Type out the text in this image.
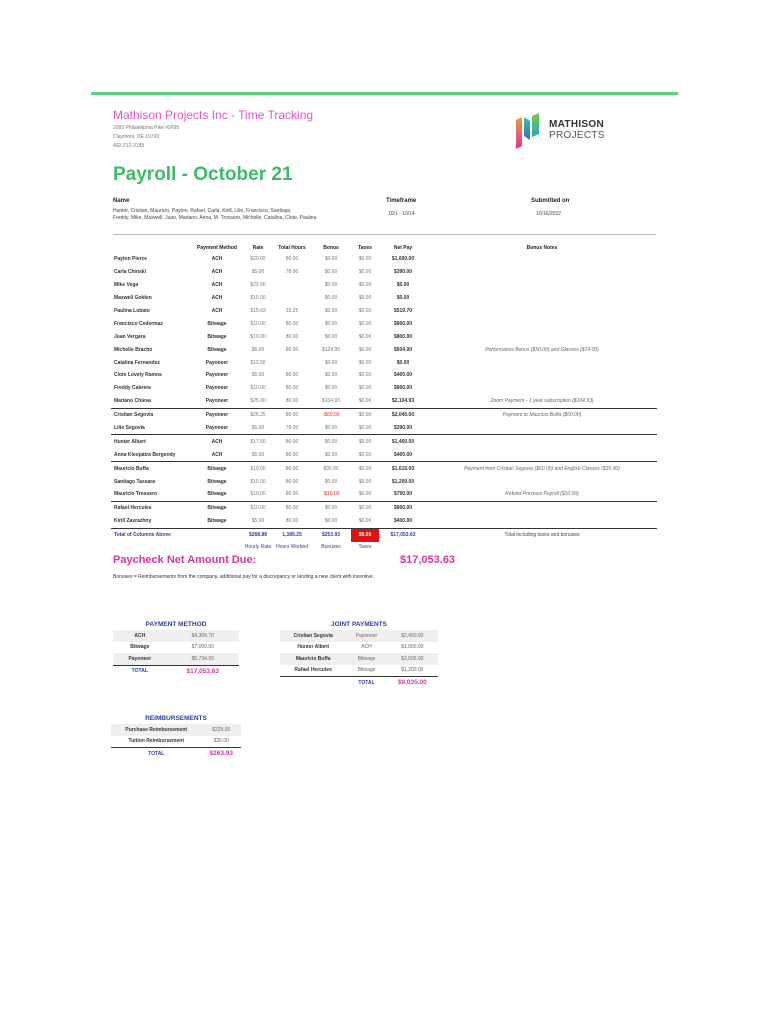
Mathison Projects Inc - Time Tracking
2093 Philadelphia Pike #9695
Claymont, DE 19703
402-212-3189
MATHISON
PROJECTS
Payroll - October 21
Name
Hunter, Cristian, Mauricio, Payton, Rafael, Carla, Kirill, Lilio, Francisco, Santiago,
Freddy, Mike, Maxwell, Juan, Mariano, Anna, M. Trossero, Michelle, Catalina, Clote, Paulina
Timeframe
10/1 - 10/14
Submitted on
10/16/2022
	Payment Method	Rate	Total Hours	Bonus	Taxes	Net Pay	Bonus Notes
Payton Pierce	ACH	$20.00	80.00	$0.00	$0.00	$1,600.00	
Carla Chinski	ACH	$5.00	78.00	$0.00	$0.00	$390.00	
Mike Vega	ACH	$22.00		$0.00	$0.00	$0.00	
Maxwell Golden	ACH	$15.00		$0.00	$0.00	$0.00	
Paulina Lobato	ACH	$15.63	33.25	$0.00	$0.00	$519.70	
Francisco Cedermaz	Bitwage	$10.00	80.00	$0.00	$0.00	$800.00	
Juan Vergara	Bitwage	$10.00	80.00	$0.00	$0.00	$800.00	
Michelle Bracho	Bitwage	$6.00	80.00	$124.00	$0.00	$604.00	Performance Bonus ($50.00) and Glasses ($74.00)
Catalina Fernandez	Payoneer	$12.50		$0.00	$0.00	$0.00	
Clote Lovely Ramos	Payoneer	$5.00	80.00	$0.00	$0.00	$400.00	
Freddy Cabrera	Payoneer	$10.00	80.00	$0.00	$0.00	$800.00	
Mariano Chiesa	Payoneer	$25.00	80.00	$104.93	$0.00	$2,104.93	Zoom Payment - 1 year subscription ($104.93)
Cristian Segovia	Payoneer	$26.25	80.00	-$60.00	$0.00	$2,040.00	Payment to Mauricio Buffa ($60.00)
Lilio Segovia	Payoneer	$5.00	78.00	$0.00	$0.00	$390.00	
Hunter Albert	ACH	$17.50	80.00	$0.00	$0.00	$1,400.00	
Anna Kleopátra Bergendy	ACH	$5.00	80.00	$0.00	$0.00	$400.00	
Mauricio Buffa	Bitwage	$19.00	80.00	$95.00	$0.00	$1,615.00	Payment from Cristian Segovia ($60.00) and English Classes ($35.00)
Santiago Tassara	Bitwage	$15.00	80.00	$0.00	$0.00	$1,200.00	
Mauricio Trossero	Bitwage	$10.00	80.00	-$10.00	$0.00	$790.00	Refund Previous Payroll ($10.00)
Rafael Hercules	Bitwage	$10.00	80.00	$0.00	$0.00	$800.00	
Kirill Zavrazhny	Bitwage	$5.00	80.00	$0.00	$0.00	$400.00	
Total of Columns Above		$268.88	1,389.25	$253.93	$0.00	$17,053.63	Total including taxes and bonuses
		Hourly Rate	Hours Worked	Bonuses	Taxes		
Paycheck Net Amount Due:	$17,053.63
Bonuses = Reimbursements from the company, additional pay for a discrepancy or landing a new client with incentive.
PAYMENT METHOD
ACH	$4,309.70
Bitwage	$7,009.00
Payoneer	$5,734.93
TOTAL	$17,053.63
JOINT PAYMENTS
Cristian Segovia	Payoneer	$2,430.00
Hunter Albert	ACH	$1,800.00
Mauricio Buffa	Bitwage	$3,605.00
Rafael Hercules	Bitwage	$1,200.00
	TOTAL	$9,035.00
REIMBURSEMENTS
Purchase Reimbursement	$228.93
Tuition Reimbursement	$35.00
TOTAL	$263.93
